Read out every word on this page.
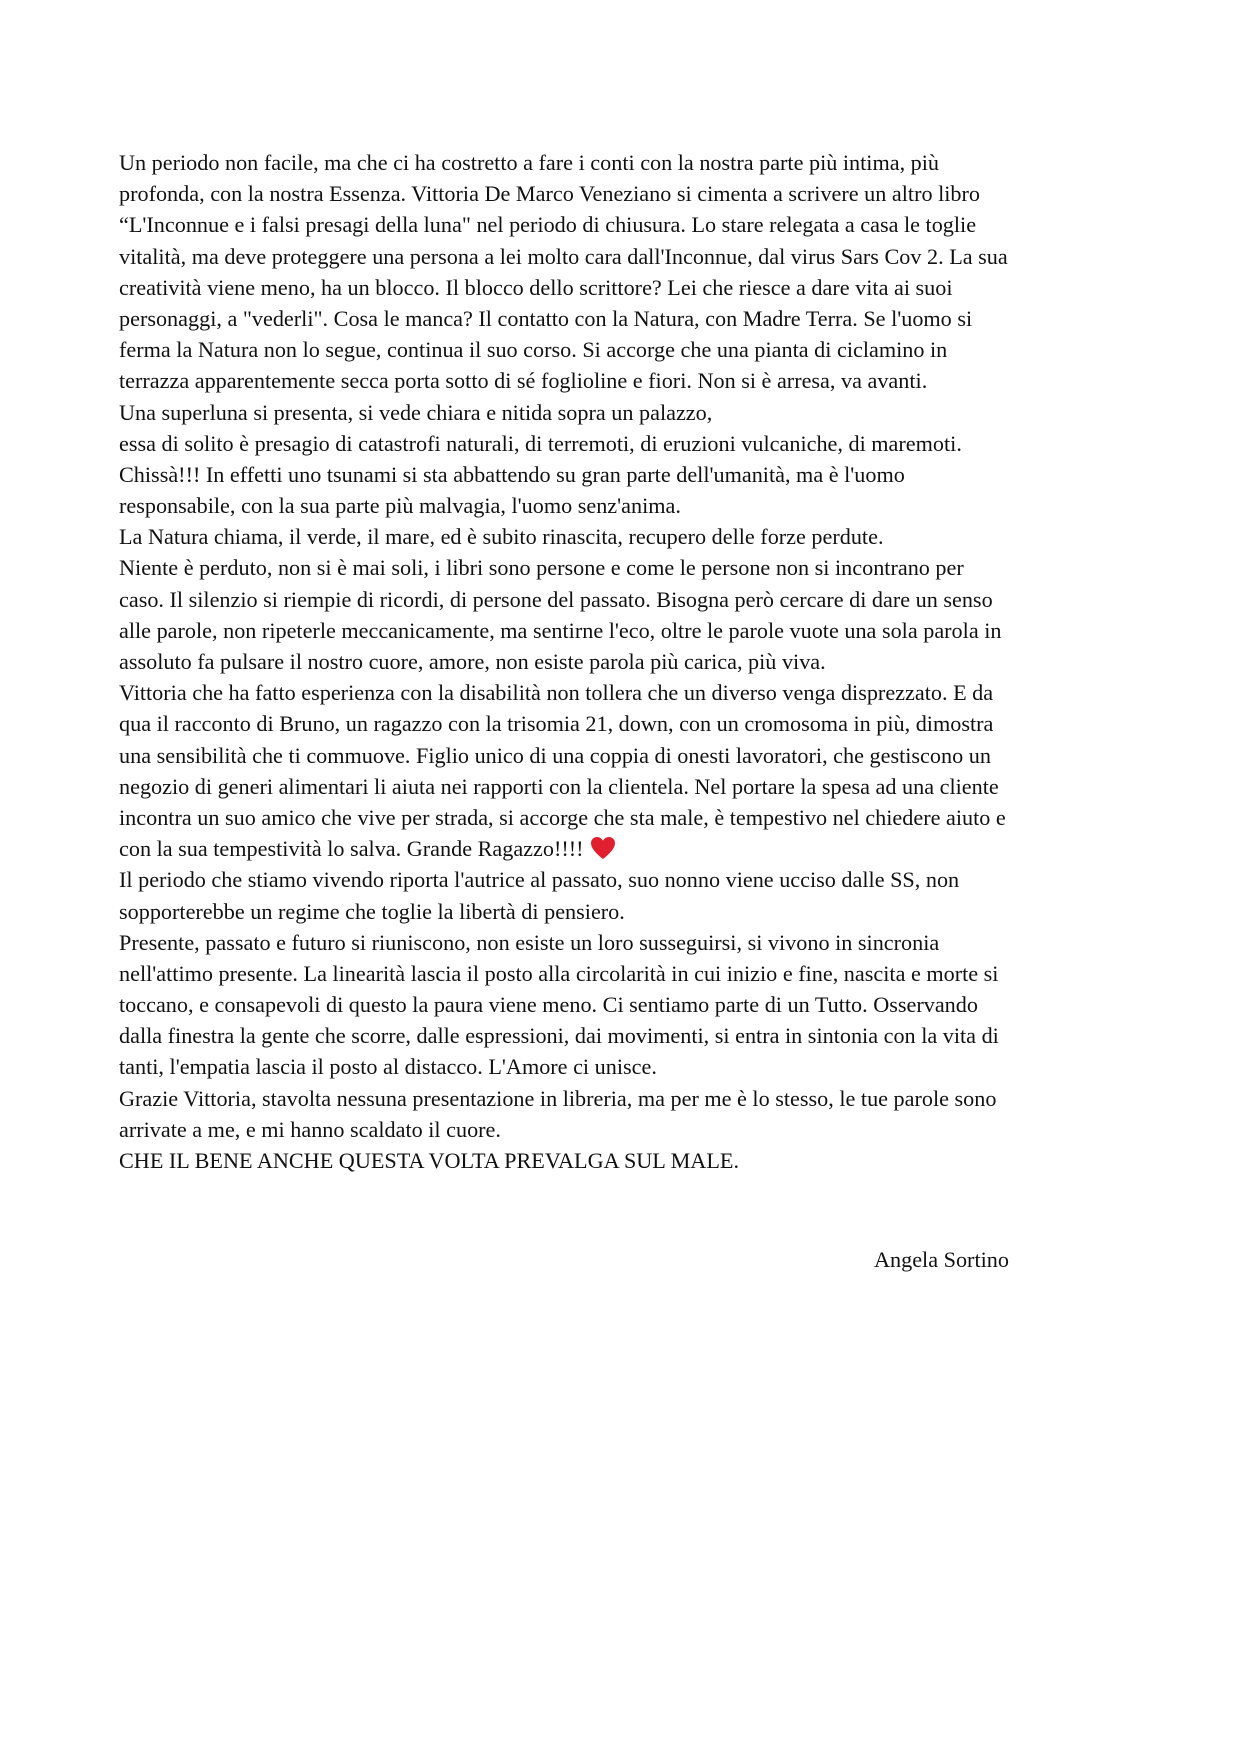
Un periodo non facile, ma che ci ha costretto a fare i conti con la nostra parte più intima, più
profonda, con la nostra Essenza. Vittoria De Marco Veneziano si cimenta a scrivere un altro libro
“L'Inconnue e i falsi presagi della luna" nel periodo di chiusura. Lo stare relegata a casa le toglie
vitalità, ma deve proteggere una persona a lei molto cara dall'Inconnue, dal virus Sars Cov 2. La sua
creatività viene meno, ha un blocco. Il blocco dello scrittore? Lei che riesce a dare vita ai suoi
personaggi, a "vederli". Cosa le manca? Il contatto con la Natura, con Madre Terra. Se l'uomo si
ferma la Natura non lo segue, continua il suo corso. Si accorge che una pianta di ciclamino in
terrazza apparentemente secca porta sotto di sé foglioline e fiori. Non si è arresa, va avanti.
Una superluna si presenta, si vede chiara e nitida sopra un palazzo,
essa di solito è presagio di catastrofi naturali, di terremoti, di eruzioni vulcaniche, di maremoti.
Chissà!!! In effetti uno tsunami si sta abbattendo su gran parte dell'umanità, ma è l'uomo
responsabile, con la sua parte più malvagia, l'uomo senz'anima.
La Natura chiama, il verde, il mare, ed è subito rinascita, recupero delle forze perdute.
Niente è perduto, non si è mai soli, i libri sono persone e come le persone non si incontrano per
caso. Il silenzio si riempie di ricordi, di persone del passato. Bisogna però cercare di dare un senso
alle parole, non ripeterle meccanicamente, ma sentirne l'eco, oltre le parole vuote una sola parola in
assoluto fa pulsare il nostro cuore, amore, non esiste parola più carica, più viva.
Vittoria che ha fatto esperienza con la disabilità non tollera che un diverso venga disprezzato. E da
qua il racconto di Bruno, un ragazzo con la trisomia 21, down, con un cromosoma in più, dimostra
una sensibilità che ti commuove. Figlio unico di una coppia di onesti lavoratori, che gestiscono un
negozio di generi alimentari li aiuta nei rapporti con la clientela. Nel portare la spesa ad una cliente
incontra un suo amico che vive per strada, si accorge che sta male, è tempestivo nel chiedere aiuto e
con la sua tempestività lo salva. Grande Ragazzo!!!!
Il periodo che stiamo vivendo riporta l'autrice al passato, suo nonno viene ucciso dalle SS, non
sopporterebbe un regime che toglie la libertà di pensiero.
Presente, passato e futuro si riuniscono, non esiste un loro susseguirsi, si vivono in sincronia
nell'attimo presente. La linearità lascia il posto alla circolarità in cui inizio e fine, nascita e morte si
toccano, e consapevoli di questo la paura viene meno. Ci sentiamo parte di un Tutto. Osservando
dalla finestra la gente che scorre, dalle espressioni, dai movimenti, si entra in sintonia con la vita di
tanti, l'empatia lascia il posto al distacco. L'Amore ci unisce.
Grazie Vittoria, stavolta nessuna presentazione in libreria, ma per me è lo stesso, le tue parole sono
arrivate a me, e mi hanno scaldato il cuore.
CHE IL BENE ANCHE QUESTA VOLTA PREVALGA SUL MALE.
Angela Sortino
